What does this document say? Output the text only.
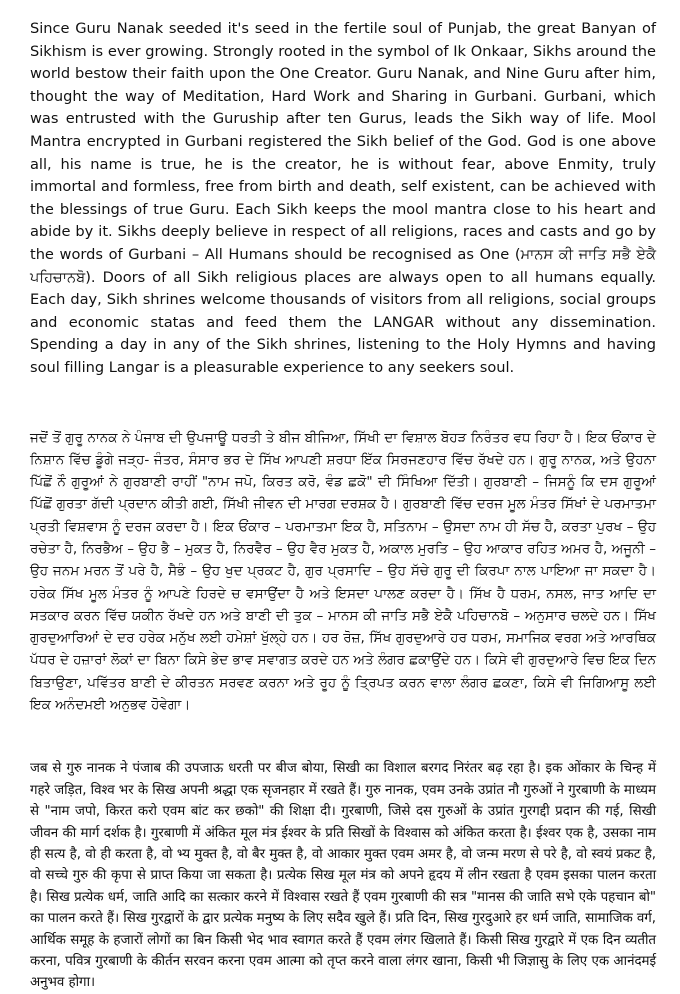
Since Guru Nanak seeded it's seed in the fertile soul of Punjab, the great Banyan of Sikhism is ever growing. Strongly rooted in the symbol of Ik Onkaar, Sikhs around the world bestow their faith upon the One Creator. Guru Nanak, and Nine Guru after him, thought the way of Meditation, Hard Work and Sharing in Gurbani. Gurbani, which was entrusted with the Guruship after ten Gurus, leads the Sikh way of life. Mool Mantra encrypted in Gurbani registered the Sikh belief of the God. God is one above all, his name is true, he is the creator, he is without fear, above Enmity, truly immortal and formless, free from birth and death, self existent, can be achieved with the blessings of true Guru. Each Sikh keeps the mool mantra close to his heart and abide by it. Sikhs deeply believe in respect of all religions, races and casts and go by the words of Gurbani – All Humans should be recognised as One (ਮਾਨਸ ਕੀ ਜਾਤਿ ਸਭੈ ਏਕੈ ਪਹਿਚਾਨਬੋ). Doors of all Sikh religious places are always open to all humans equally. Each day, Sikh shrines welcome thousands of visitors from all religions, social groups and economic statas and feed them the LANGAR without any dissemination. Spending a day in any of the Sikh shrines, listening to the Holy Hymns and having soul filling Langar is a pleasurable experience to any seekers soul.

ਜਦੋਂ ਤੋਂ ਗੁਰੂ ਨਾਨਕ ਨੇ ਪੰਜਾਬ ਦੀ ਉਪਜਾਊ ਧਰਤੀ ਤੇ ਬੀਜ ਬੀਜਿਆ, ਸਿੱਖੀ ਦਾ ਵਿਸ਼ਾਲ ਬੋਹੜ ਨਿਰੰਤਰ ਵਧ ਰਿਹਾ ਹੈ। ਇਕ ਓਂਕਾਰ ਦੇ ਨਿਸ਼ਾਨ ਵਿੱਚ ਡੂੰਗੇ ਜੜ੍ਹ- ਜੰਤਰ, ਸੰਸਾਰ ਭਰ ਦੇ ਸਿੱਖ ਆਪਣੀ ਸ਼ਰਧਾ ਇੱਕ ਸਿਰਜਣਹਾਰ ਵਿੱਚ ਰੱਖਦੇ ਹਨ। ਗੁਰੂ ਨਾਨਕ, ਅਤੇ ਉਹਨਾ ਪਿੱਛੋਂ ਨੌ ਗੁਰੂਆਂ ਨੇ ਗੁਰਬਾਣੀ ਰਾਹੀਂ "ਨਾਮ ਜਪੋ, ਕਿਰਤ ਕਰੋ, ਵੰਡ ਛਕੋ" ਦੀ ਸਿੰਖਿਆ ਦਿੱਤੀ। ਗੁਰਬਾਣੀ – ਜਿਸਨੂੰ ਕਿ ਦਸ ਗੁਰੂਆਂ ਪਿੱਛੋਂ ਗੁਰਤਾ ਗੱਦੀ ਪ੍ਰਦਾਨ ਕੀਤੀ ਗਈ, ਸਿੱਖੀ ਜੀਵਨ ਦੀ ਮਾਰਗ ਦਰਸ਼ਕ ਹੈ। ਗੁਰਬਾਣੀ ਵਿੱਚ ਦਰਜ ਮੂਲ ਮੰਤਰ ਸਿੱਖਾਂ ਦੇ ਪਰਮਾਤਮਾ ਪ੍ਰਤੀ ਵਿਸ਼ਵਾਸ ਨੂੰ ਦਰਜ ਕਰਦਾ ਹੈ। ਇਕ ਓਂਕਾਰ – ਪਰਮਾਤਮਾ ਇਕ ਹੈ, ਸਤਿਨਾਮ – ਉਸਦਾ ਨਾਮ ਹੀ ਸੱਚ ਹੈ, ਕਰਤਾ ਪੁਰਖ – ਉਹ ਰਚੇਤਾ ਹੈ, ਨਿਰਭੈਅ – ਉਹ ਭੈ – ਮੁਕਤ ਹੈ, ਨਿਰਵੈਰ – ਉਹ ਵੈਰ ਮੁਕਤ ਹੈ, ਅਕਾਲ ਮੁਰਤਿ – ਉਹ ਆਕਾਰ ਰਹਿਤ ਅਮਰ ਹੈ, ਅਜੂਨੀ – ਉਹ ਜਨਮ ਮਰਨ ਤੋਂ ਪਰੇ ਹੈ, ਸੈਭੰ – ਉਹ ਖੁਦ ਪ੍ਰਕਟ ਹੈ, ਗੁਰ ਪ੍ਰਸਾਦਿ – ਉਹ ਸੱਚੇ ਗੁਰੂ ਦੀ ਕਿਰਪਾ ਨਾਲ ਪਾਇਆ ਜਾ ਸਕਦਾ ਹੈ। ਹਰੇਕ ਸਿੱਖ ਮੂਲ ਮੰਤਰ ਨੂੰ ਆਪਣੇ ਹਿਰਦੇ ਚ ਵਸਾਉਂਦਾ ਹੈ ਅਤੇ ਇਸਦਾ ਪਾਲਣ ਕਰਦਾ ਹੈ। ਸਿੱਖ ਹੈ ਧਰਮ, ਨਸਲ, ਜਾਤ ਆਦਿ ਦਾ ਸਤਕਾਰ ਕਰਨ ਵਿੱਚ ਯਕੀਨ ਰੱਖਦੇ ਹਨ ਅਤੇ ਬਾਣੀ ਦੀ ਤੁਕ – ਮਾਨਸ ਕੀ ਜਾਤਿ ਸਭੈ ਏਕੈ ਪਹਿਚਾਨਬੋ – ਅਨੁਸਾਰ ਚਲਦੇ ਹਨ। ਸਿੱਖ ਗੁਰਦੁਆਰਿਆਂ ਦੇ ਦਰ ਹਰੇਕ ਮਨੁੱਖ ਲਈ ਹਮੇਸ਼ਾਂ ਖੁੱਲ੍ਹੇ ਹਨ। ਹਰ ਰੋਜ਼, ਸਿੱਖ ਗੁਰਦੁਆਰੇ ਹਰ ਧਰਮ, ਸਮਾਜਿਕ ਵਰਗ ਅਤੇ ਆਰਥਿਕ ਪੱਧਰ ਦੇ ਹਜ਼ਾਰਾਂ ਲੋਕਾਂ ਦਾ ਬਿਨਾ ਕਿਸੇ ਭੇਦ ਭਾਵ ਸਵਾਗਤ ਕਰਦੇ ਹਨ ਅਤੇ ਲੰਗਰ ਛਕਾਉਂਦੇ ਹਨ। ਕਿਸੇ ਵੀ ਗੁਰਦੁਆਰੇ ਵਿਚ ਇਕ ਦਿਨ ਬਿਤਾਉਣਾ, ਪਵਿੱਤਰ ਬਾਣੀ ਦੇ ਕੀਰਤਨ ਸਰਵਣ ਕਰਨਾ ਅਤੇ ਰੂਹ ਨੂੰ ਤ੍ਰਿਪਤ ਕਰਨ ਵਾਲਾ ਲੰਗਰ ਛਕਣਾ, ਕਿਸੇ ਵੀ ਜਿਗਿਆਸੂ ਲਈ ਇਕ ਅਨੰਦਮਈ ਅਨੁਭਵ ਹੋਵੇਗਾ।

जब से गुरु नानक ने पंजाब की उपजाऊ धरती पर बीज बोया, सिखी का विशाल बरगद निरंतर बढ़ रहा है। इक ओंकार के चिन्ह में गहरे जड़ित, विश्व भर के सिख अपनी श्रद्धा एक सृजनहार में रखते हैं। गुरु नानक, एवम उनके उप्रांत नौ गुरुओं ने गुरबाणी के माध्यम से "नाम जपो, किरत करो एवम बांट कर छको" की शिक्षा दी। गुरबाणी, जिसे दस गुरुओं के उप्रांत गुरगद्दी प्रदान की गई, सिखी जीवन की मार्ग दर्शक है। गुरबाणी में अंकित मूल मंत्र ईश्वर के प्रति सिखों के विश्वास को अंकित करता है। ईश्वर एक है, उसका नाम ही सत्य है, वो ही करता है, वो भ्य मुक्त है, वो बैर मुक्त है, वो आकार मुक्त एवम अमर है, वो जन्म मरण से परे है, वो स्वयं प्रकट है, वो सच्चे गुरु की कृपा से प्राप्त किया जा सकता है। प्रत्येक सिख मूल मंत्र को अपने हृदय में लीन रखता है एवम इसका पालन करता है। सिख प्रत्येक धर्म, जाति आदि का सत्कार करने में विश्वास रखते हैं एवम गुरबाणी की सत्र "मानस की जाति सभे एके पहचान बो" का पालन करते हैं। सिख गुरद्वारों के द्वार प्रत्येक मनुष्य के लिए सदैव खुले हैं। प्रति दिन, सिख गुरदुआरे हर धर्म जाति, सामाजिक वर्ग, आर्थिक समूह के हजारों लोगों का बिन किसी भेद भाव स्वागत करते हैं एवम लंगर खिलाते हैं। किसी सिख गुरद्वारे में एक दिन व्यतीत करना, पवित्र गुरबाणी के कीर्तन सरवन करना एवम आत्मा को तृप्त करने वाला लंगर खाना, किसी भी जिज्ञासु के लिए एक आनंदमई अनुभव होगा।
